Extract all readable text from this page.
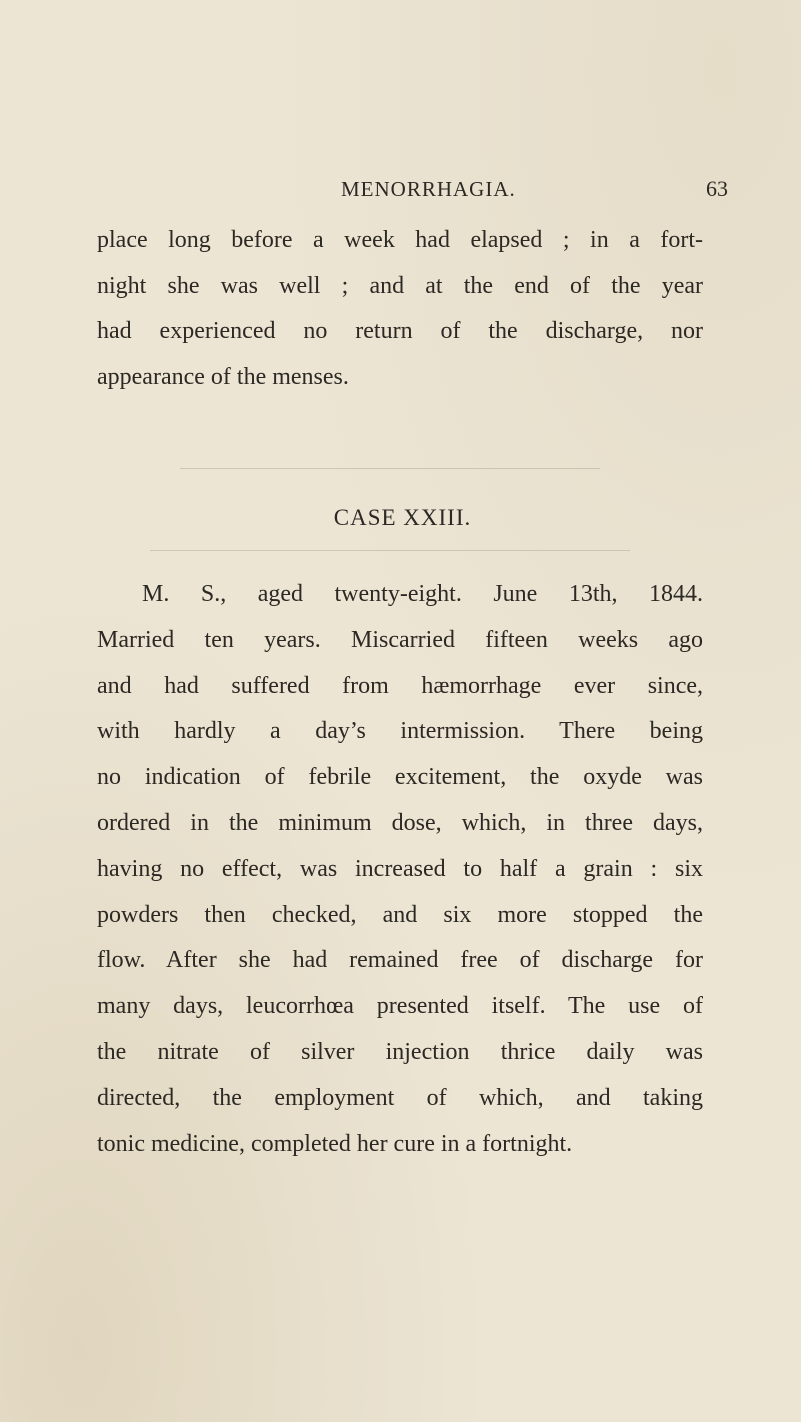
MENORRHAGIA.	63
place long before a week had elapsed ; in a fort-
night she was well ; and at the end of the year
had experienced no return of the discharge, nor
appearance of the menses.
CASE XXIII.
M. S., aged twenty-eight. June 13th, 1844.
Married ten years. Miscarried fifteen weeks ago
and had suffered from hæmorrhage ever since,
with hardly a day’s intermission. There being
no indication of febrile excitement, the oxyde was
ordered in the minimum dose, which, in three days,
having no effect, was increased to half a grain : six
powders then checked, and six more stopped the
flow. After she had remained free of discharge for
many days, leucorrhœa presented itself. The use of
the nitrate of silver injection thrice daily was
directed, the employment of which, and taking
tonic medicine, completed her cure in a fortnight.
